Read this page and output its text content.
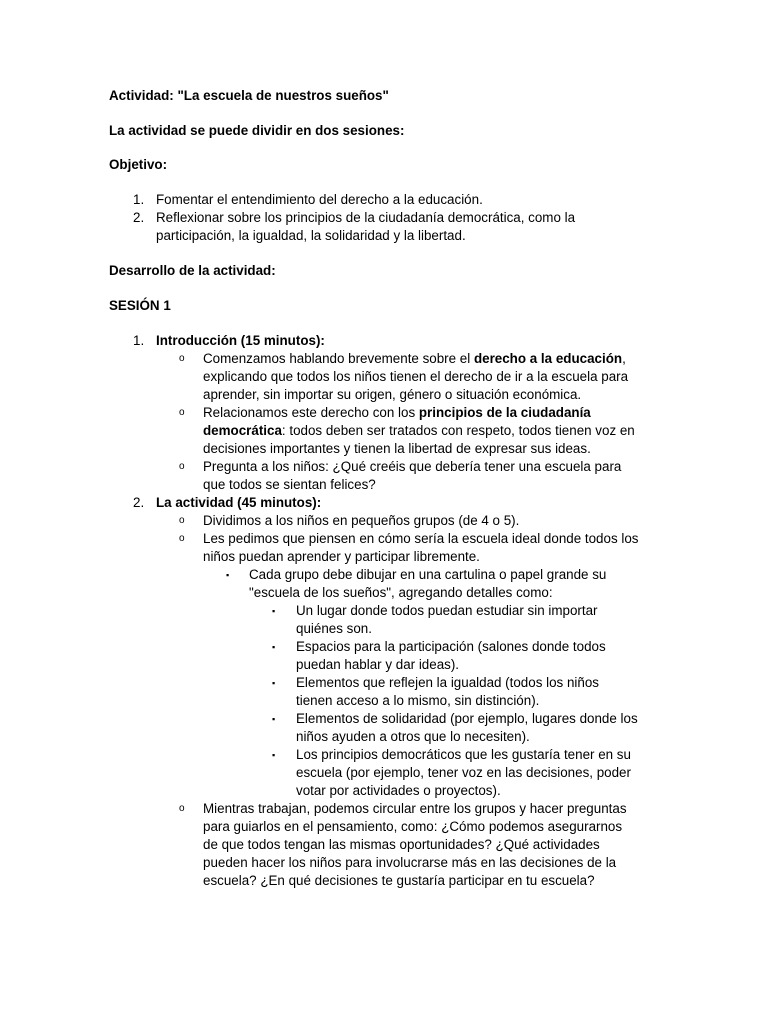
Actividad: "La escuela de nuestros sueños"
La actividad se puede dividir en dos sesiones:
Objetivo:
1. Fomentar el entendimiento del derecho a la educación.
2. Reflexionar sobre los principios de la ciudadanía democrática, como la
participación, la igualdad, la solidaridad y la libertad.
Desarrollo de la actividad:
SESIÓN 1
1. Introducción (15 minutos):
o Comenzamos hablando brevemente sobre el derecho a la educación,
explicando que todos los niños tienen el derecho de ir a la escuela para
aprender, sin importar su origen, género o situación económica.
o Relacionamos este derecho con los principios de la ciudadanía
democrática: todos deben ser tratados con respeto, todos tienen voz en
decisiones importantes y tienen la libertad de expresar sus ideas.
o Pregunta a los niños: ¿Qué creéis que debería tener una escuela para
que todos se sientan felices?
2. La actividad (45 minutos):
o Dividimos a los niños en pequeños grupos (de 4 o 5).
o Les pedimos que piensen en cómo sería la escuela ideal donde todos los
niños puedan aprender y participar libremente.
▪ Cada grupo debe dibujar en una cartulina o papel grande su
"escuela de los sueños", agregando detalles como:
▪ Un lugar donde todos puedan estudiar sin importar
quiénes son.
▪ Espacios para la participación (salones donde todos
puedan hablar y dar ideas).
▪ Elementos que reflejen la igualdad (todos los niños
tienen acceso a lo mismo, sin distinción).
▪ Elementos de solidaridad (por ejemplo, lugares donde los
niños ayuden a otros que lo necesiten).
▪ Los principios democráticos que les gustaría tener en su
escuela (por ejemplo, tener voz en las decisiones, poder
votar por actividades o proyectos).
o Mientras trabajan, podemos circular entre los grupos y hacer preguntas
para guiarlos en el pensamiento, como: ¿Cómo podemos asegurarnos
de que todos tengan las mismas oportunidades? ¿Qué actividades
pueden hacer los niños para involucrarse más en las decisiones de la
escuela? ¿En qué decisiones te gustaría participar en tu escuela?
